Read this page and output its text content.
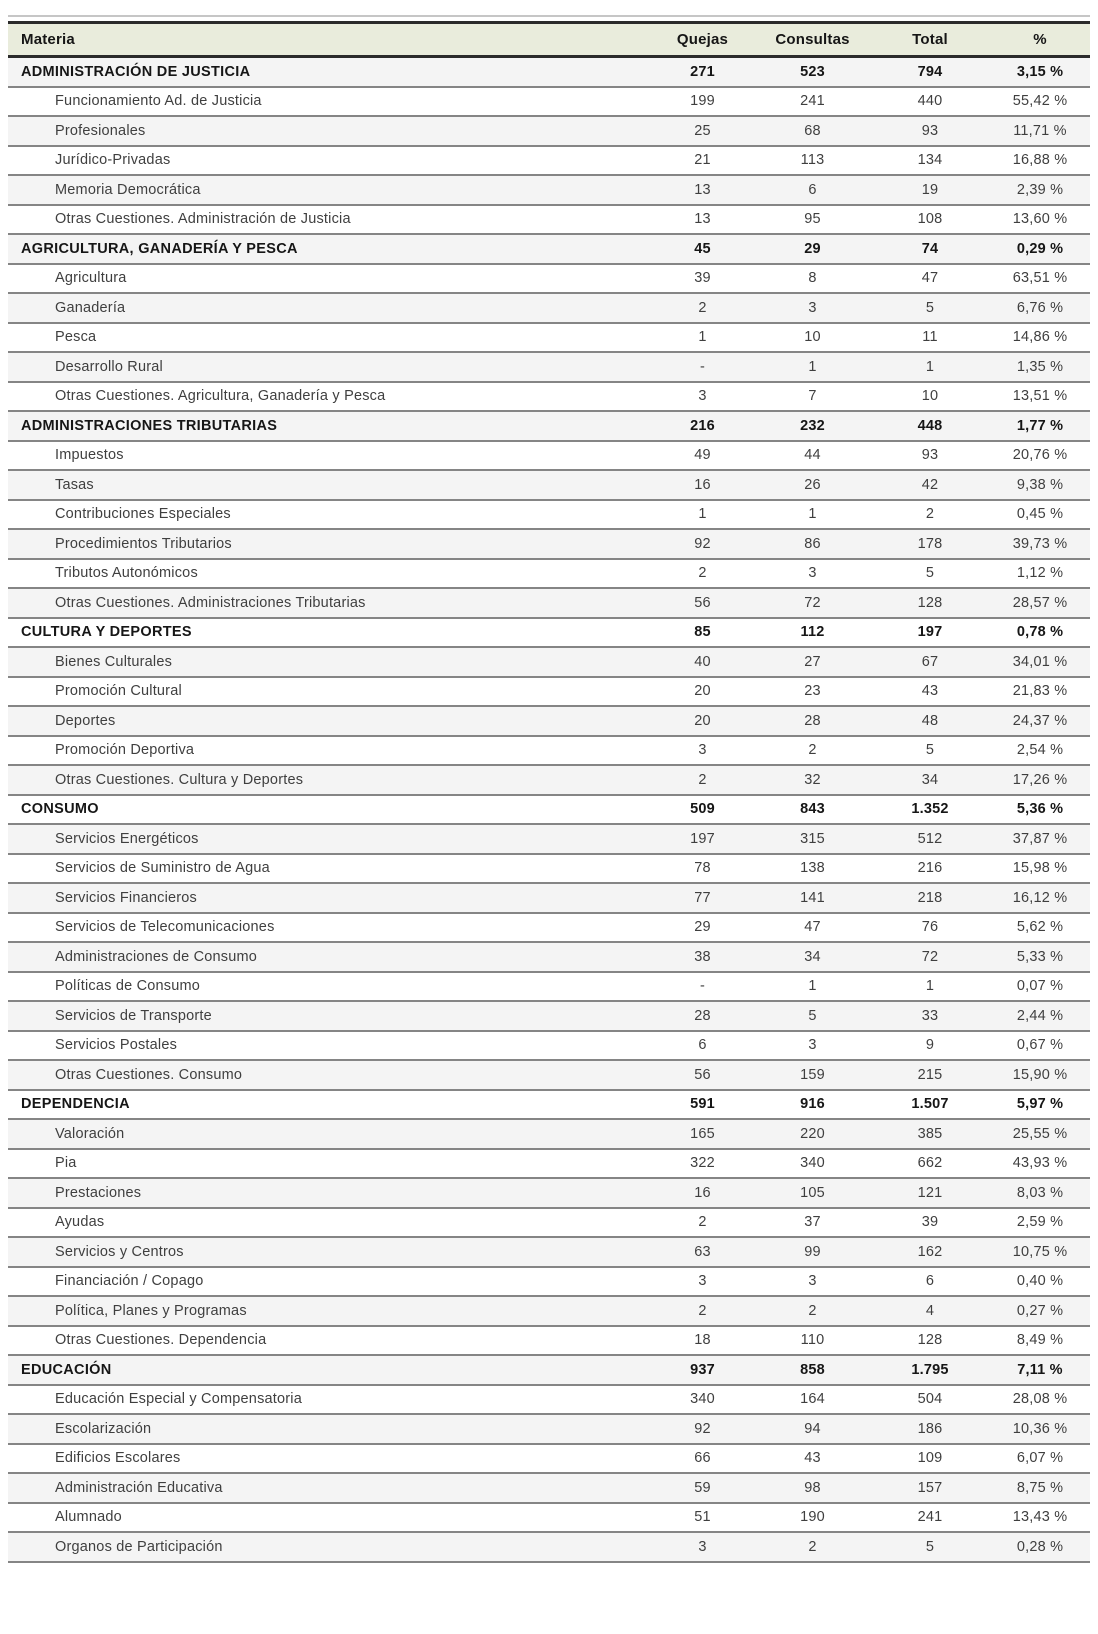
Materia	Quejas	Consultas	Total	%
ADMINISTRACIÓN DE JUSTICIA	271	523	794	3,15 %
Funcionamiento Ad. de Justicia	199	241	440	55,42 %
Profesionales	25	68	93	11,71 %
Jurídico-Privadas	21	113	134	16,88 %
Memoria Democrática	13	6	19	2,39 %
Otras Cuestiones. Administración de Justicia	13	95	108	13,60 %
AGRICULTURA, GANADERÍA Y PESCA	45	29	74	0,29 %
Agricultura	39	8	47	63,51 %
Ganadería	2	3	5	6,76 %
Pesca	1	10	11	14,86 %
Desarrollo Rural	-	1	1	1,35 %
Otras Cuestiones. Agricultura, Ganadería y Pesca	3	7	10	13,51 %
ADMINISTRACIONES TRIBUTARIAS	216	232	448	1,77 %
Impuestos	49	44	93	20,76 %
Tasas	16	26	42	9,38 %
Contribuciones Especiales	1	1	2	0,45 %
Procedimientos Tributarios	92	86	178	39,73 %
Tributos Autonómicos	2	3	5	1,12 %
Otras Cuestiones. Administraciones Tributarias	56	72	128	28,57 %
CULTURA Y DEPORTES	85	112	197	0,78 %
Bienes Culturales	40	27	67	34,01 %
Promoción Cultural	20	23	43	21,83 %
Deportes	20	28	48	24,37 %
Promoción Deportiva	3	2	5	2,54 %
Otras Cuestiones. Cultura y Deportes	2	32	34	17,26 %
CONSUMO	509	843	1.352	5,36 %
Servicios Energéticos	197	315	512	37,87 %
Servicios de Suministro de Agua	78	138	216	15,98 %
Servicios Financieros	77	141	218	16,12 %
Servicios de Telecomunicaciones	29	47	76	5,62 %
Administraciones de Consumo	38	34	72	5,33 %
Políticas de Consumo	-	1	1	0,07 %
Servicios de Transporte	28	5	33	2,44 %
Servicios Postales	6	3	9	0,67 %
Otras Cuestiones. Consumo	56	159	215	15,90 %
DEPENDENCIA	591	916	1.507	5,97 %
Valoración	165	220	385	25,55 %
Pia	322	340	662	43,93 %
Prestaciones	16	105	121	8,03 %
Ayudas	2	37	39	2,59 %
Servicios y Centros	63	99	162	10,75 %
Financiación / Copago	3	3	6	0,40 %
Política, Planes y Programas	2	2	4	0,27 %
Otras Cuestiones. Dependencia	18	110	128	8,49 %
EDUCACIÓN	937	858	1.795	7,11 %
Educación Especial y Compensatoria	340	164	504	28,08 %
Escolarización	92	94	186	10,36 %
Edificios Escolares	66	43	109	6,07 %
Administración Educativa	59	98	157	8,75 %
Alumnado	51	190	241	13,43 %
Organos de Participación	3	2	5	0,28 %
